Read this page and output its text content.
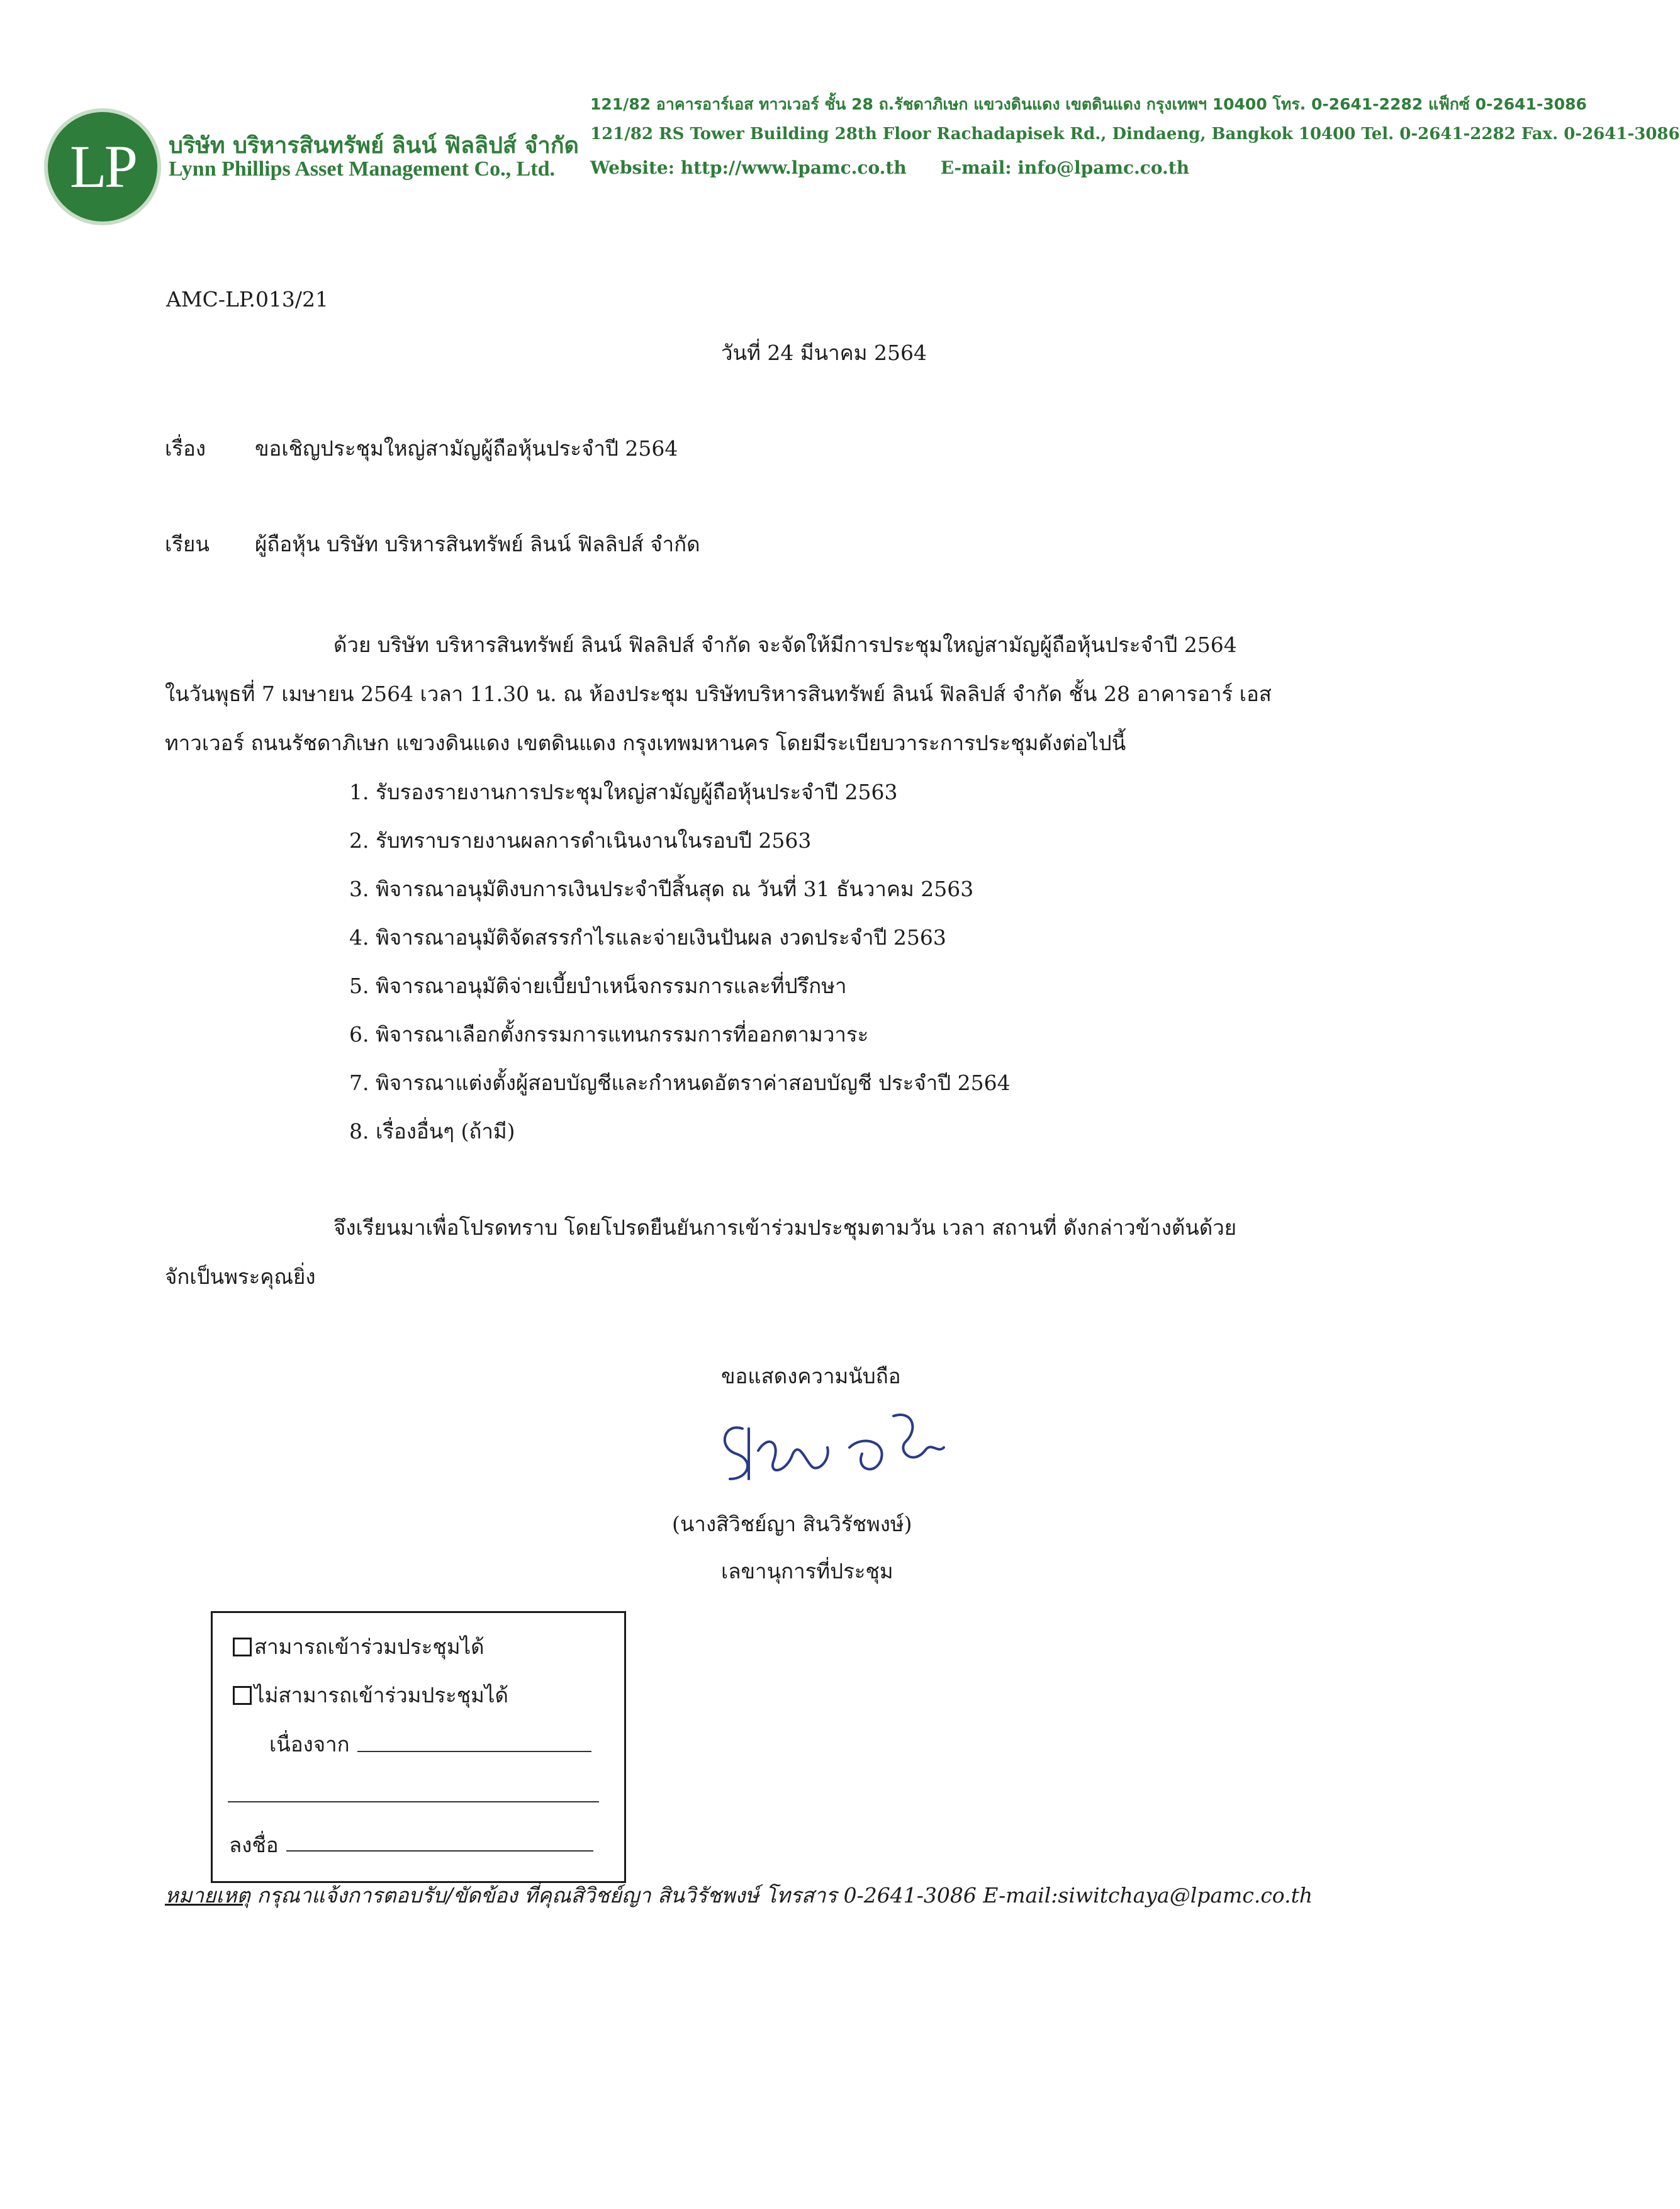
LP บริษัท บริหารสินทรัพย์ ลินน์ ฟิลลิปส์ จำกัด
Lynn Phillips Asset Management Co., Ltd.
121/82 อาคารอาร์เอส ทาวเวอร์ ชั้น 28 ถ.รัชดาภิเษก แขวงดินแดง เขตดินแดง กรุงเทพฯ 10400 โทร. 0-2641-2282 แฟ็กซ์ 0-2641-3086
121/82 RS Tower Building 28th Floor Rachadapisek Rd., Dindaeng, Bangkok 10400 Tel. 0-2641-2282 Fax. 0-2641-3086
Website: http://www.lpamc.co.th E-mail: info@lpamc.co.th
AMC-LP.013/21
วันที่ 24 มีนาคม 2564
เรื่อง ขอเชิญประชุมใหญ่สามัญผู้ถือหุ้นประจำปี 2564
เรียน ผู้ถือหุ้น บริษัท บริหารสินทรัพย์ ลินน์ ฟิลลิปส์ จำกัด
ด้วย บริษัท บริหารสินทรัพย์ ลินน์ ฟิลลิปส์ จำกัด จะจัดให้มีการประชุมใหญ่สามัญผู้ถือหุ้นประจำปี 2564
ในวันพุธที่ 7 เมษายน 2564 เวลา 11.30 น. ณ ห้องประชุม บริษัทบริหารสินทรัพย์ ลินน์ ฟิลลิปส์ จำกัด ชั้น 28 อาคารอาร์ เอส
ทาวเวอร์ ถนนรัชดาภิเษก แขวงดินแดง เขตดินแดง กรุงเทพมหานคร โดยมีระเบียบวาระการประชุมดังต่อไปนี้
1. รับรองรายงานการประชุมใหญ่สามัญผู้ถือหุ้นประจำปี 2563
2. รับทราบรายงานผลการดำเนินงานในรอบปี 2563
3. พิจารณาอนุมัติงบการเงินประจำปีสิ้นสุด ณ วันที่ 31 ธันวาคม 2563
4. พิจารณาอนุมัติจัดสรรกำไรและจ่ายเงินปันผล งวดประจำปี 2563
5. พิจารณาอนุมัติจ่ายเบี้ยบำเหน็จกรรมการและที่ปรึกษา
6. พิจารณาเลือกตั้งกรรมการแทนกรรมการที่ออกตามวาระ
7. พิจารณาแต่งตั้งผู้สอบบัญชีและกำหนดอัตราค่าสอบบัญชี ประจำปี 2564
8. เรื่องอื่นๆ (ถ้ามี)
จึงเรียนมาเพื่อโปรดทราบ โดยโปรดยืนยันการเข้าร่วมประชุมตามวัน เวลา สถานที่ ดังกล่าวข้างต้นด้วย
จักเป็นพระคุณยิ่ง
ขอแสดงความนับถือ
(นางสิวิชย์ญา สินวิรัชพงษ์)
เลขานุการที่ประชุม
สามารถเข้าร่วมประชุมได้
ไม่สามารถเข้าร่วมประชุมได้
เนื่องจาก
ลงชื่อ
หมายเหตุ กรุณาแจ้งการตอบรับ/ขัดข้อง ที่คุณสิวิชย์ญา สินวิรัชพงษ์ โทรสาร 0-2641-3086 E-mail:siwitchaya@lpamc.co.th
